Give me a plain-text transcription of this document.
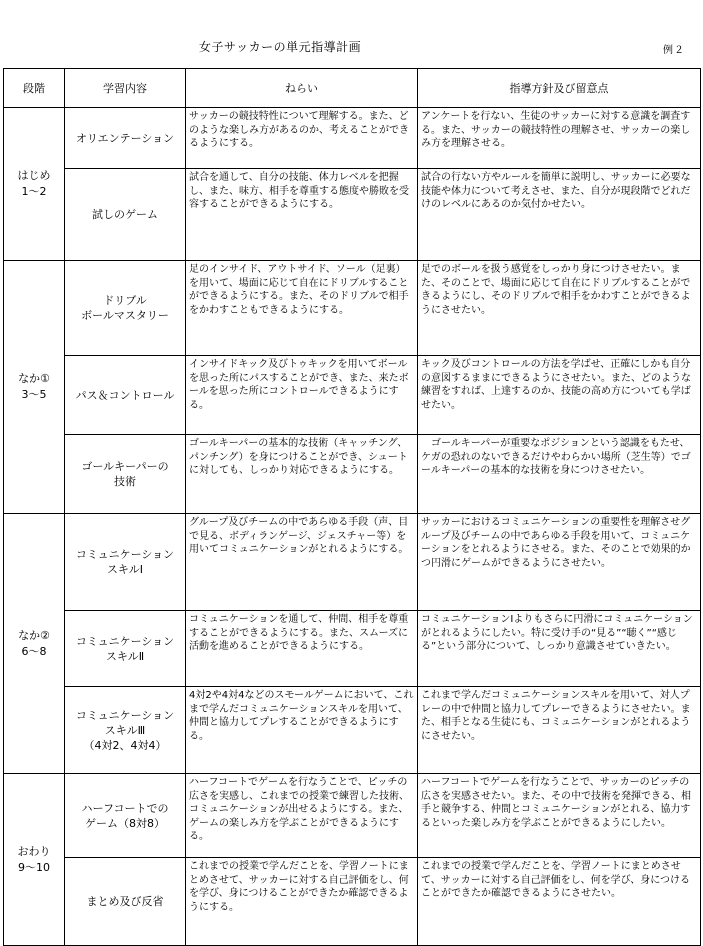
女子サッカーの単元指導計画	例２
段階	学習内容	ねらい	指導方針及び留意点

はじめ
1～2	オリエンテーション	サッカーの競技特性について理解する。また、どのような楽しみ方があるのか、考えることができるようにする。	アンケートを行ない、生徒のサッカーに対する意識を調査する。また、サッカーの競技特性の理解させ、サッカーの楽しみ方を理解させる。

	試しのゲーム	試合を通して、自分の技能、体力レベルを把握し、また、味方、相手を尊重する態度や勝敗を受容することができるようにする。	試合の行ない方やルールを簡単に説明し、サッカーに必要な技能や体力について考えさせ、また、自分が現段階でどれだけのレベルにあるのか気付かせたい。

なか①
3～5	ドリブル
ボールマスタリー	足のインサイド、アウトサイド、ソール（足裏）を用いて、場面に応じて自在にドリブルすることができるようにする。また、そのドリブルで相手をかわすこともできるようにする。	足でのボールを扱う感覚をしっかり身につけさせたい。また、そのことで、場面に応じて自在にドリブルすることができるようにし、そのドリブルで相手をかわすことができるようにさせたい。

	パス＆コントロール	インサイドキック及びトゥキックを用いてボールを思った所にパスすることができ、また、来たボールを思った所にコントロールできるようにする。	キック及びコントロールの方法を学ばせ、正確にしかも自分の意図するままにできるようにさせたい。また、どのような練習をすれば、上達するのか、技能の高め方についても学ばせたい。

	ゴールキーパーの
技術	ゴールキーパーの基本的な技術（キャッチング、パンチング）を身につけることができ、シュートに対しても、しっかり対応できるようにする。	　ゴールキーパーが重要なポジションという認識をもたせ、ケガの恐れのないできるだけやわらかい場所（芝生等）でゴールキーパーの基本的な技術を身につけさせたい。

なか②
6～8	コミュニケーション
スキルⅠ	グループ及びチームの中であらゆる手段（声、目で見る、ボディランゲージ、ジェスチャー等）を用いてコミュニケーションがとれるようにする。	サッカーにおけるコミュニケーションの重要性を理解させグループ及びチームの中であらゆる手段を用いて、コミュニケーションをとれるようにさせる。また、そのことで効果的かつ円滑にゲームができるようにさせたい。

	コミュニケーション
スキルⅡ	コミュニケーションを通して、仲間、相手を尊重することができるようにする。また、スムーズに活動を進めることができるようにする。	コミュニケーションⅠよりもさらに円滑にコミュニケーションがとれるようにしたい。特に受け手の“見る”“聴く”“感じる”という部分について、しっかり意識させていきたい。

	コミュニケーション
スキルⅢ
（4対2、4対4）	4対2や4対4などのスモールゲームにおいて、これまで学んだコミュニケーションスキルを用いて、仲間と協力してプレすることができるようにする。	これまで学んだコミュニケーションスキルを用いて、対人プレーの中で仲間と協力してプレーできるようにさせたい。また、相手となる生徒にも、コミュニケーションがとれるようにさせたい。

おわり
9～10	ハーフコートでの
ゲーム（8対8）	ハーフコートでゲームを行なうことで、ピッチの広さを実感し、これまでの授業で練習した技術、コミュニケーションが出せるようにする。また、ゲームの楽しみ方を学ぶことができるようにする。	ハーフコートでゲームを行なうことで、サッカーのピッチの広さを実感させたい。また、その中で技術を発揮できる、相手と競争する、仲間とコミュニケーションがとれる、協力するといった楽しみ方を学ぶことができるようにしたい。

	まとめ及び反省	これまでの授業で学んだことを、学習ノートにまとめさせて、サッカーに対する自己評価をし、何を学び、身につけることができたか確認できるようにする。	これまでの授業で学んだことを、学習ノートにまとめさせて、サッカーに対する自己評価をし、何を学び、身につけることができたか確認できるようにさせたい。
